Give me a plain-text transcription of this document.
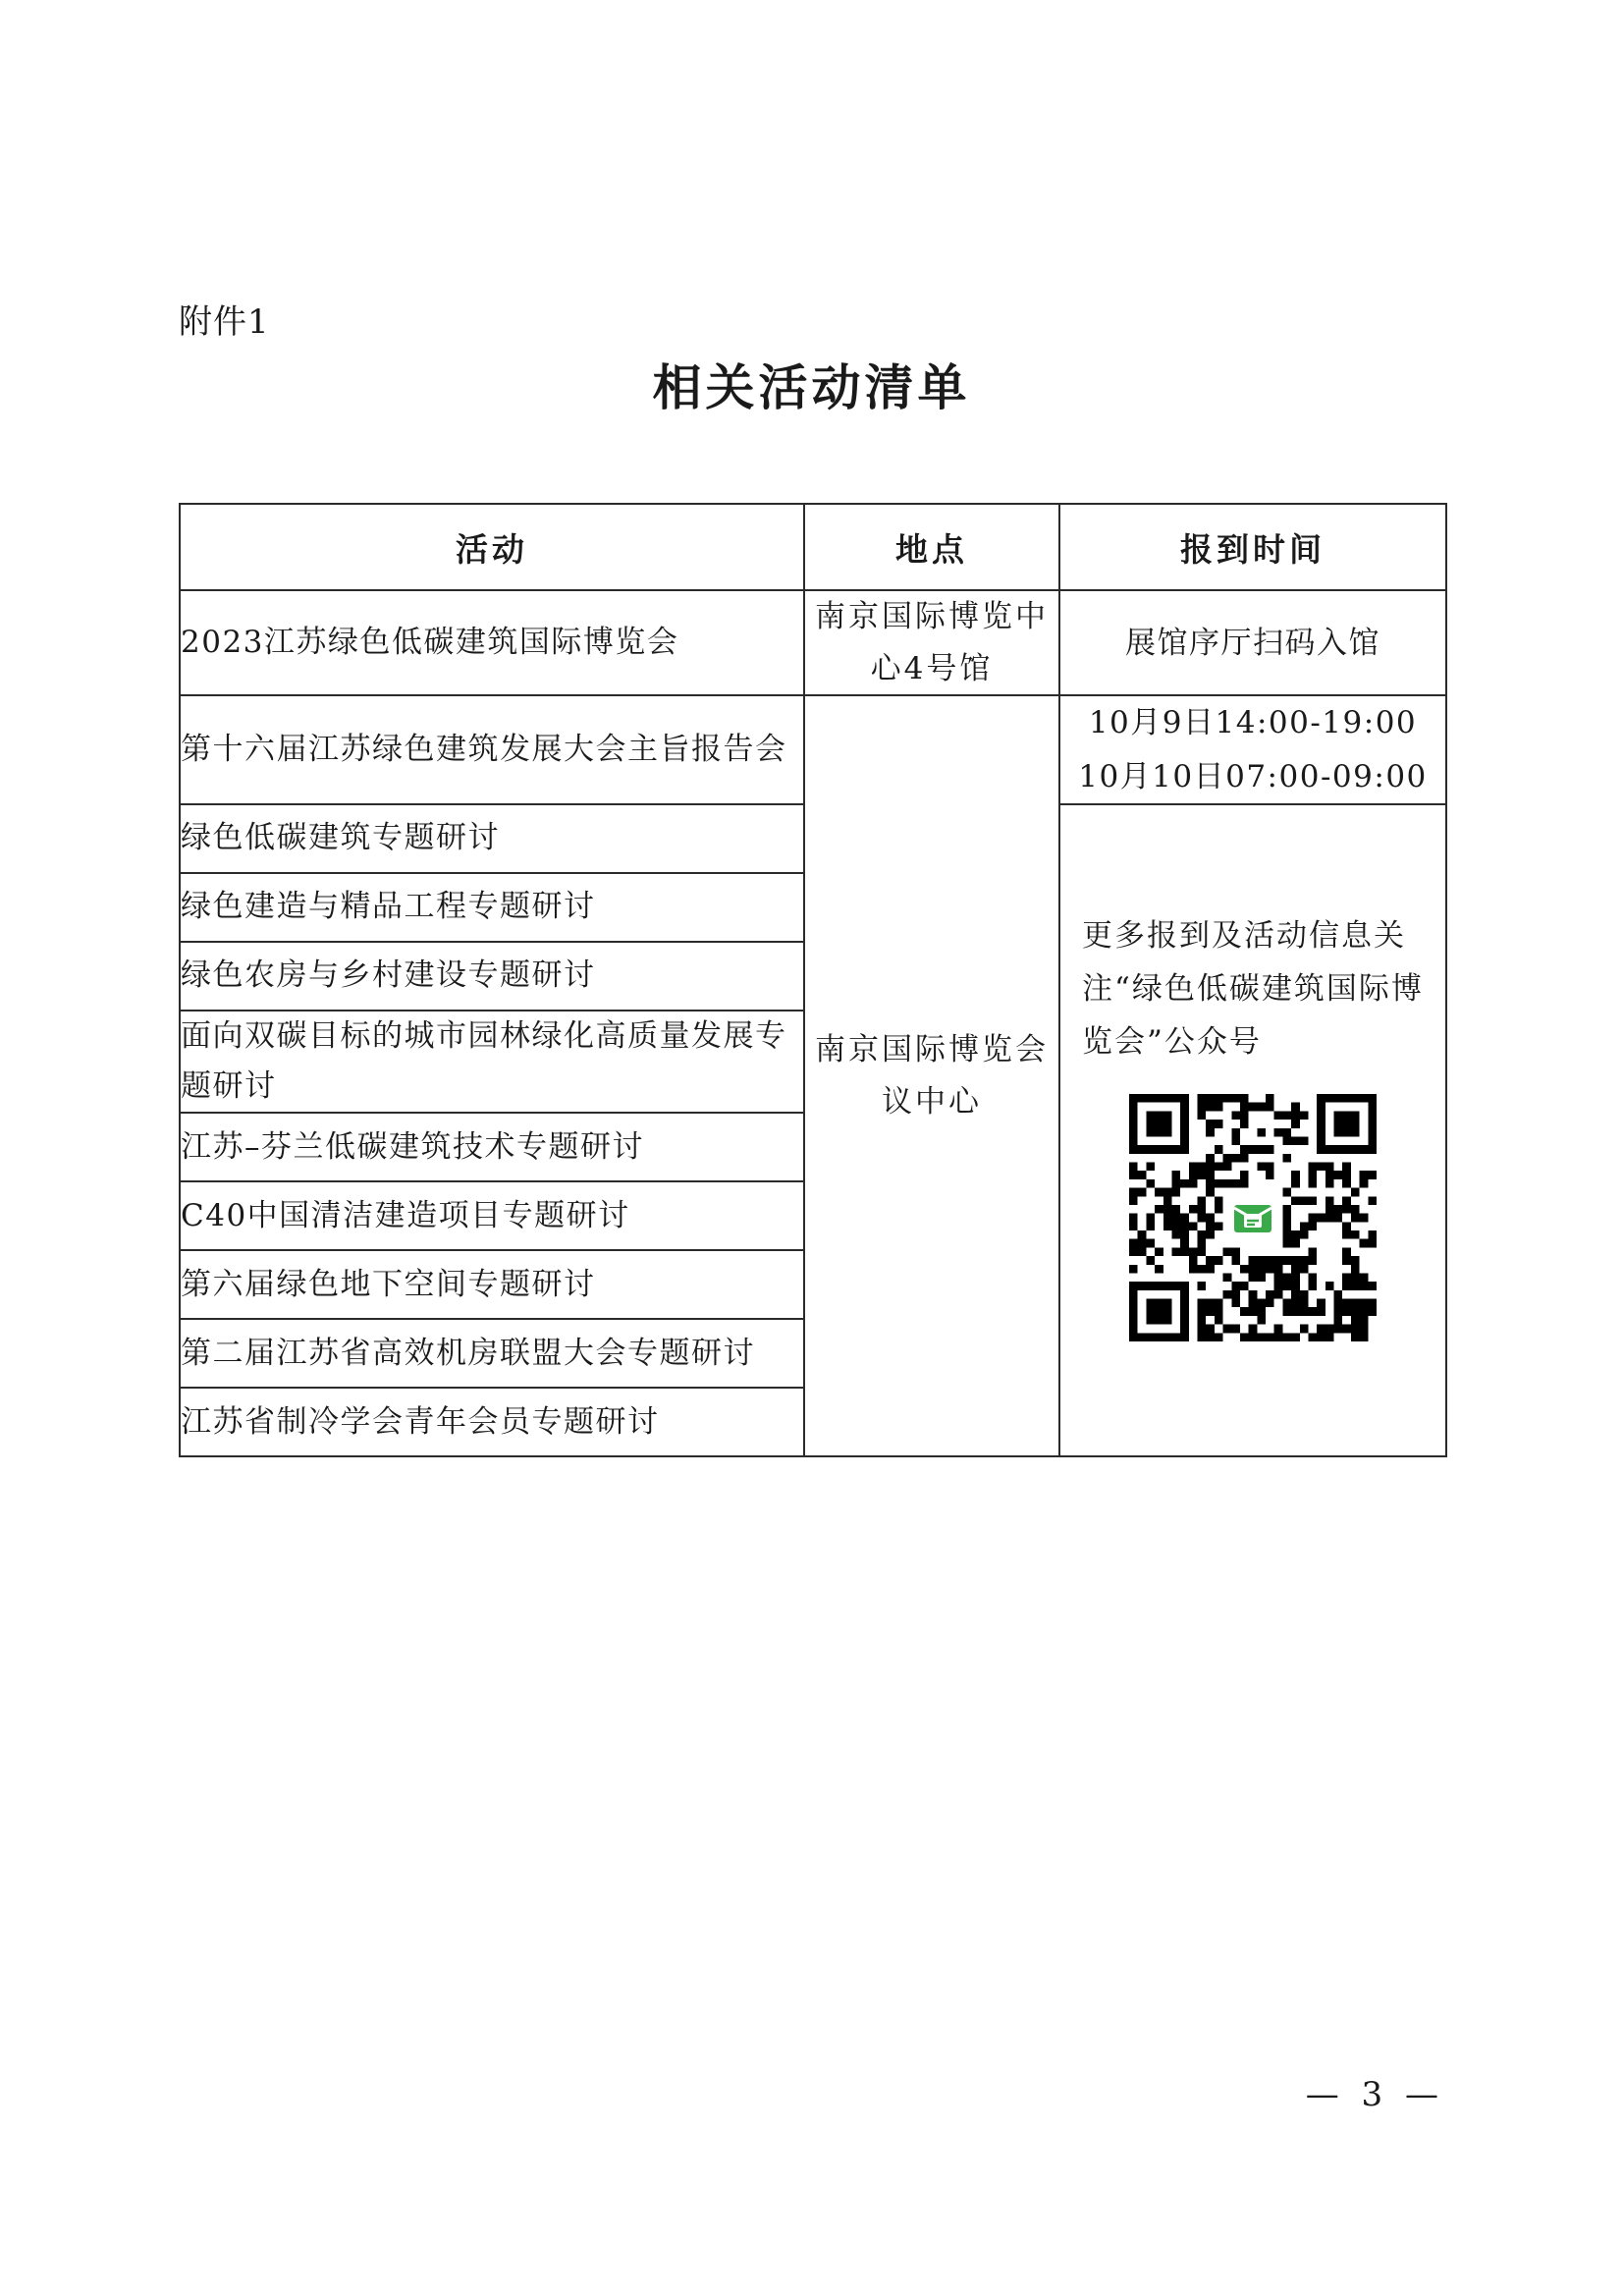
附件1
相关活动清单
活动	地点	报到时间
2023江苏绿色低碳建筑国际博览会	南京国际博览中心4号馆	展馆序厅扫码入馆
第十六届江苏绿色建筑发展大会主旨报告会	南京国际博览会议中心	10月9日14:00-19:00
10月10日07:00-09:00

绿色低碳建筑专题研讨		更多报到及活动信息关注“绿色低碳建筑国际博览会”公众号

绿色建造与精品工程专题研讨		
绿色农房与乡村建设专题研讨		
面向双碳目标的城市园林绿化高质量发展专题研讨		
江苏–芬兰低碳建筑技术专题研讨		
C40中国清洁建造项目专题研讨		
第六届绿色地下空间专题研讨		
第二届江苏省高效机房联盟大会专题研讨		
江苏省制冷学会青年会员专题研讨		
— 3 —
